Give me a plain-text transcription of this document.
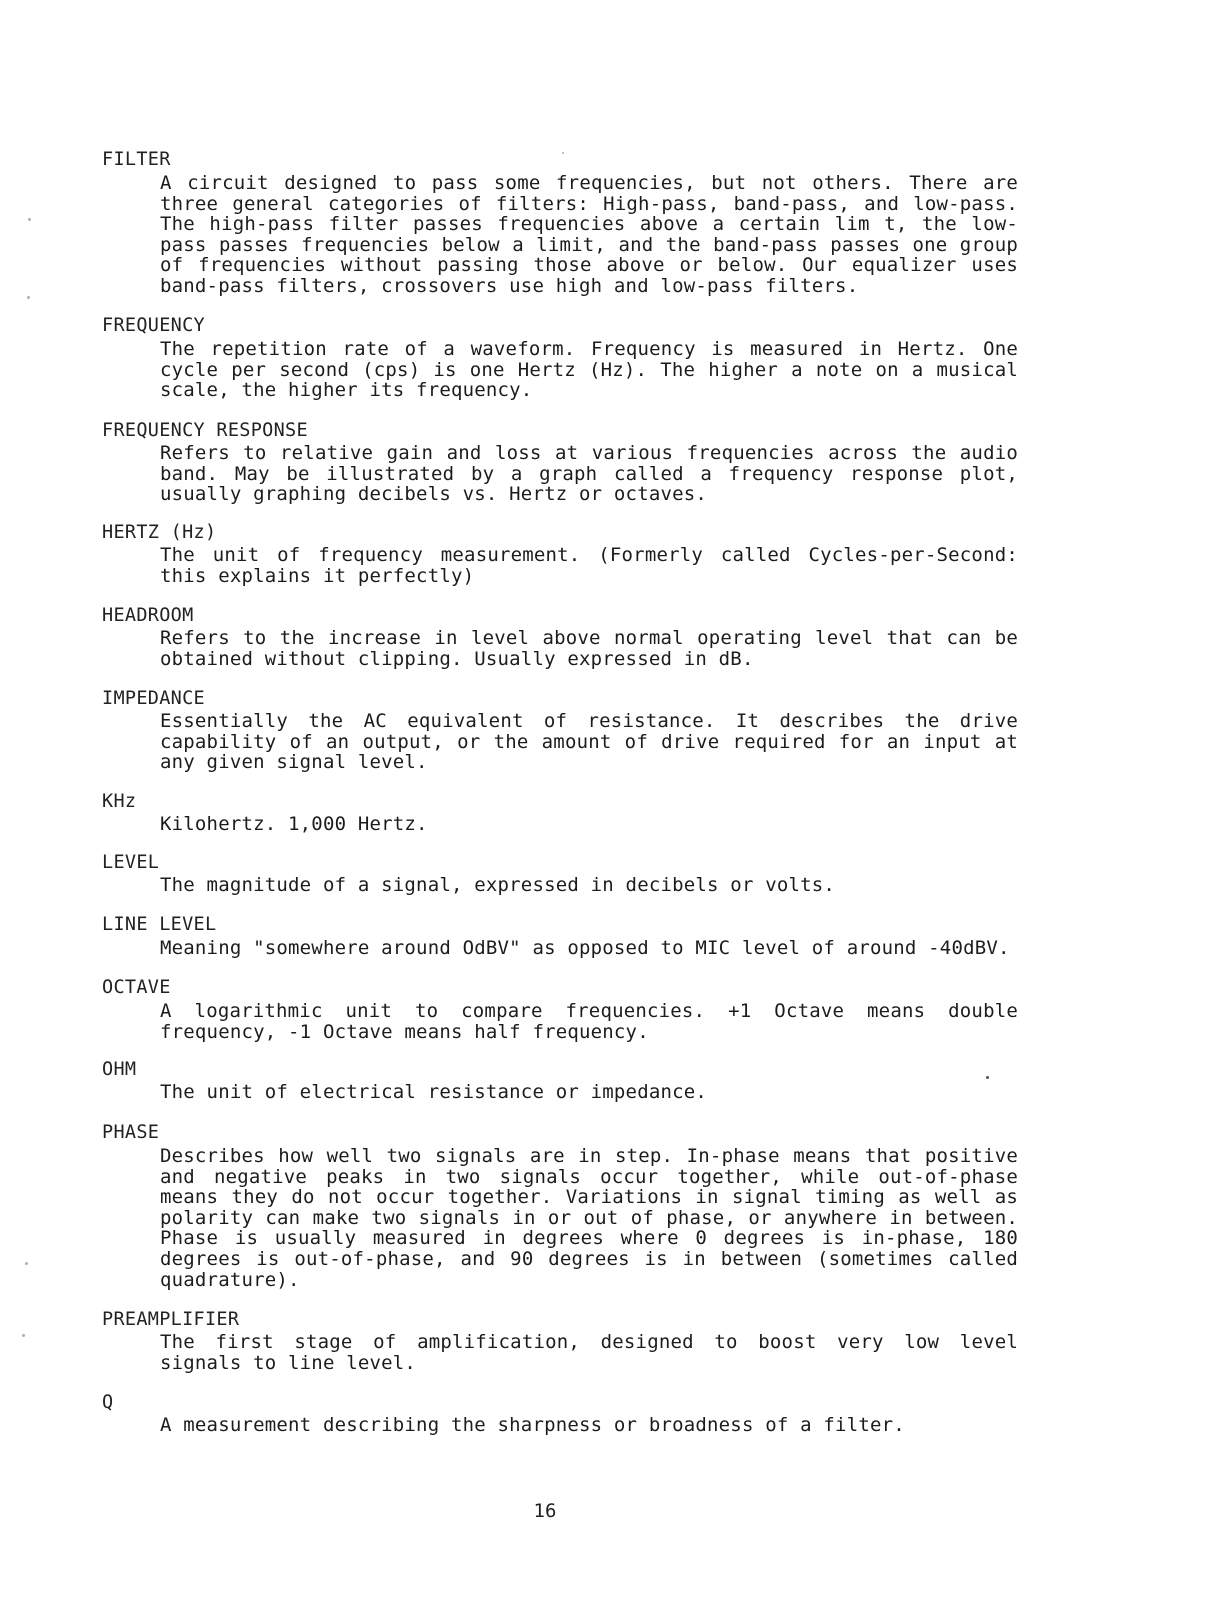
FILTER
A circuit designed to pass some frequencies, but not others. There are three general categories of filters: High-pass, band-pass, and low-pass. The high-pass filter passes frequencies above a certain lim t, the low-pass passes frequencies below a limit, and the band-pass passes one group of frequencies without passing those above or below. Our equalizer uses band-pass filters, crossovers use high and low-pass filters.
FREQUENCY
The repetition rate of a waveform. Frequency is measured in Hertz. One cycle per second (cps) is one Hertz (Hz). The higher a note on a musical scale, the higher its frequency.
FREQUENCY RESPONSE
Refers to relative gain and loss at various frequencies across the audio band. May be illustrated by a graph called a frequency response plot, usually graphing decibels vs. Hertz or octaves.
HERTZ (Hz)
The unit of frequency measurement. (Formerly called Cycles-per-Second: this explains it perfectly)
HEADROOM
Refers to the increase in level above normal operating level that can be obtained without clipping. Usually expressed in dB.
IMPEDANCE
Essentially the AC equivalent of resistance. It describes the drive capability of an output, or the amount of drive required for an input at any given signal level.
KHz
Kilohertz. 1,000 Hertz.
LEVEL
The magnitude of a signal, expressed in decibels or volts.
LINE LEVEL
Meaning "somewhere around OdBV" as opposed to MIC level of around -40dBV.
OCTAVE
A logarithmic unit to compare frequencies. +1 Octave means double frequency, -1 Octave means half frequency.
OHM
The unit of electrical resistance or impedance.
PHASE
Describes how well two signals are in step. In-phase means that positive and negative peaks in two signals occur together, while out-of-phase means they do not occur together. Variations in signal timing as well as polarity can make two signals in or out of phase, or anywhere in between. Phase is usually measured in degrees where 0 degrees is in-phase, 180 degrees is out-of-phase, and 90 degrees is in between (sometimes called quadrature).
PREAMPLIFIER
The first stage of amplification, designed to boost very low level signals to line level.
Q
A measurement describing the sharpness or broadness of a filter.
16
